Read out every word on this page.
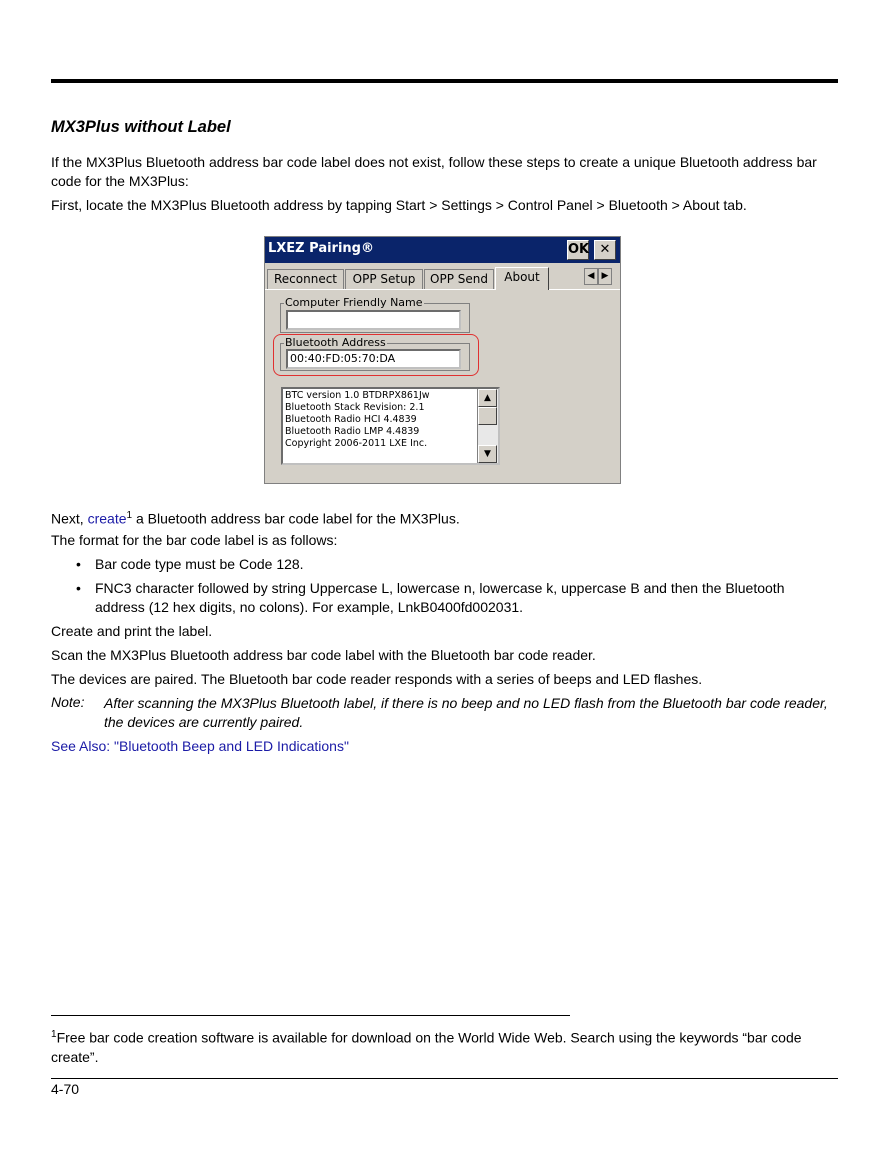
MX3Plus without Label

If the MX3Plus Bluetooth address bar code label does not exist, follow these steps to create a unique Bluetooth address bar code for the MX3Plus:

First, locate the MX3Plus Bluetooth address by tapping Start > Settings > Control Panel > Bluetooth > About tab.

LXEZ Pairing®	OK ✕
Reconnect	OPP Setup	OPP Send	About	◀ ▶
Computer Friendly Name
Bluetooth Address
00:40:FD:05:70:DA
BTC version 1.0 BTDRPX861Jw
Bluetooth Stack Revision: 2.1
Bluetooth Radio HCI 4.4839
Bluetooth Radio LMP 4.4839
Copyright 2006-2011 LXE Inc.
▲
▼

Next, create$^1$ a Bluetooth address bar code label for the MX3Plus.

The format for the bar code label is as follows:

• Bar code type must be Code 128.
• FNC3 character followed by string Uppercase L, lowercase n, lowercase k, uppercase B and then the Bluetooth address (12 hex digits, no colons). For example, LnkB0400fd002031.

Create and print the label.

Scan the MX3Plus Bluetooth address bar code label with the Bluetooth bar code reader.

The devices are paired. The Bluetooth bar code reader responds with a series of beeps and LED flashes.

Note: After scanning the MX3Plus Bluetooth label, if there is no beep and no LED flash from the Bluetooth bar code reader, the devices are currently paired.

See Also: "Bluetooth Beep and LED Indications"

$^1$Free bar code creation software is available for download on the World Wide Web. Search using the keywords “bar code create”.

4-70
